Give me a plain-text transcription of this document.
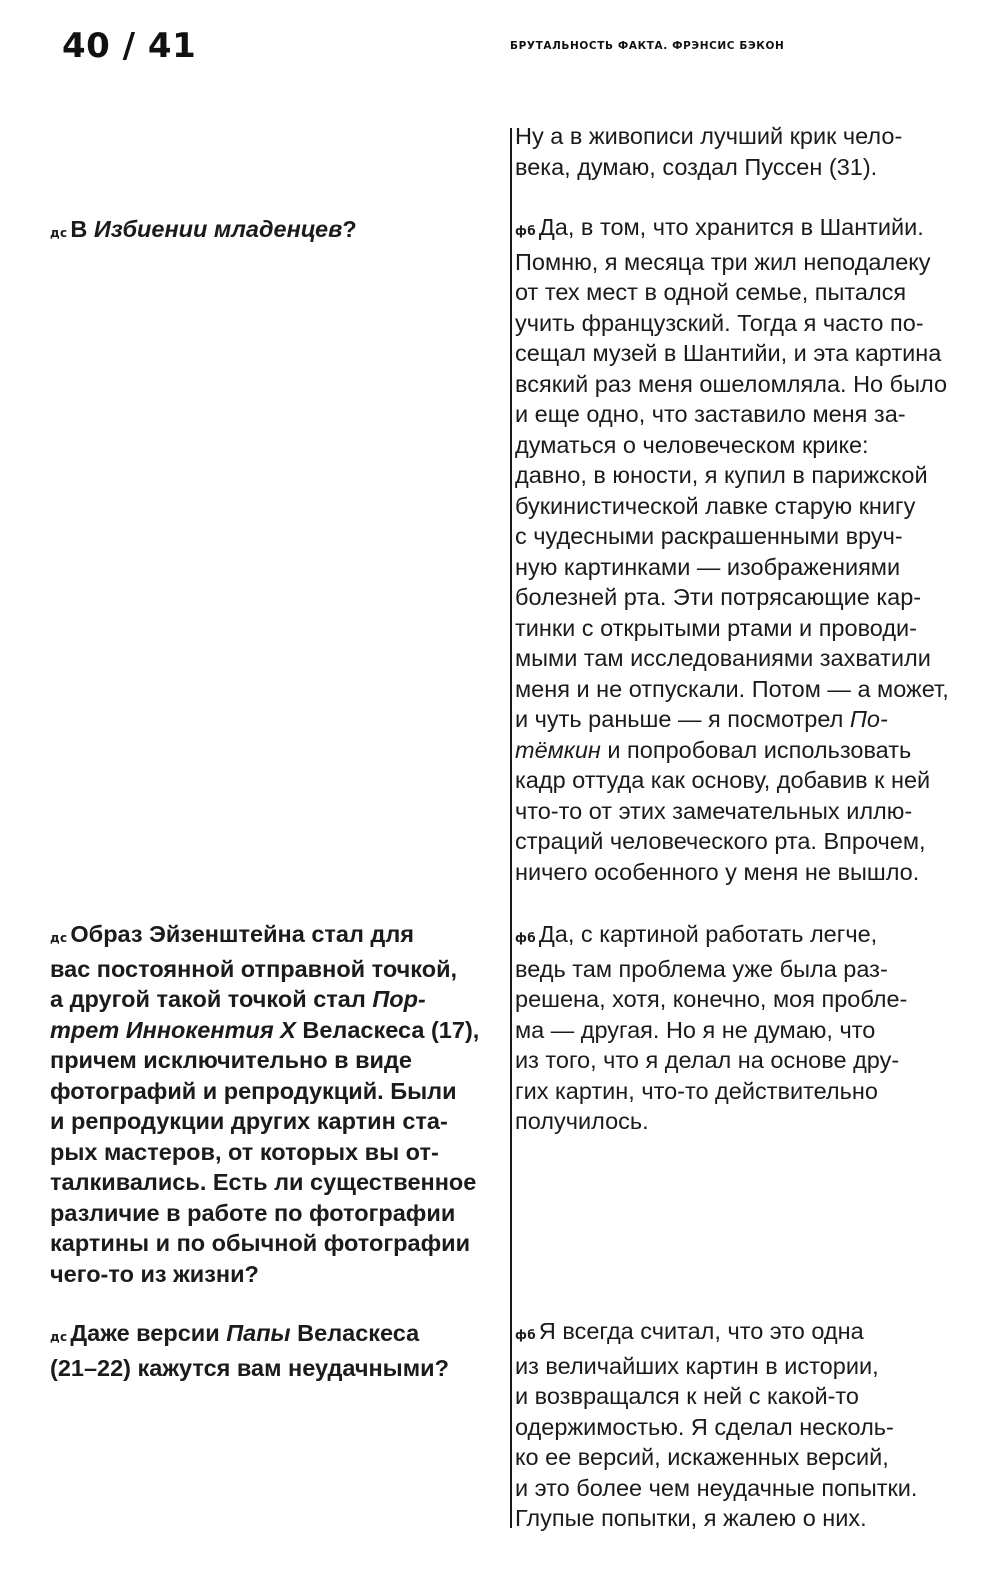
40 / 41	БРУТАЛЬНОСТЬ ФАКТА. ФРЭНСИС БЭКОН
Ну а в живописи лучший крик чело-
века, думаю, создал Пуссен (31).
дс В Избиении младенцев?	фб Да, в том, что хранится в Шантийи.
Помню, я месяца три жил неподалеку
от тех мест в одной семье, пытался
учить французский. Тогда я часто по-
сещал музей в Шантийи, и эта картина
всякий раз меня ошеломляла. Но было
и еще одно, что заставило меня за-
думаться о человеческом крике:
давно, в юности, я купил в парижской
букинистической лавке старую книгу
с чудесными раскрашенными вруч-
ную картинками — изображениями
болезней рта. Эти потрясающие кар-
тинки с открытыми ртами и проводи-
мыми там исследованиями захватили
меня и не отпускали. Потом — а может,
и чуть раньше — я посмотрел По-
тёмкин и попробовал использовать
кадр оттуда как основу, добавив к ней
что-то от этих замечательных иллю-
страций человеческого рта. Впрочем,
ничего особенного у меня не вышло.
дс Образ Эйзенштейна стал для
вас постоянной отправной точкой,
а другой такой точкой стал Пор-
трет Иннокентия X Веласкеса (17),
причем исключительно в виде
фотографий и репродукций. Были
и репродукции других картин ста-
рых мастеров, от которых вы от-
талкивались. Есть ли существенное
различие в работе по фотографии
картины и по обычной фотографии
чего-то из жизни?
фб Да, с картиной работать легче,
ведь там проблема уже была раз-
решена, хотя, конечно, моя пробле-
ма — другая. Но я не думаю, что
из того, что я делал на основе дру-
гих картин, что-то действительно
получилось.
дс Даже версии Папы Веласкеса
(21–22) кажутся вам неудачными?
фб Я всегда считал, что это одна
из величайших картин в истории,
и возвращался к ней с какой-то
одержимостью. Я сделал несколь-
ко ее версий, искаженных версий,
и это более чем неудачные попытки.
Глупые попытки, я жалею о них.
